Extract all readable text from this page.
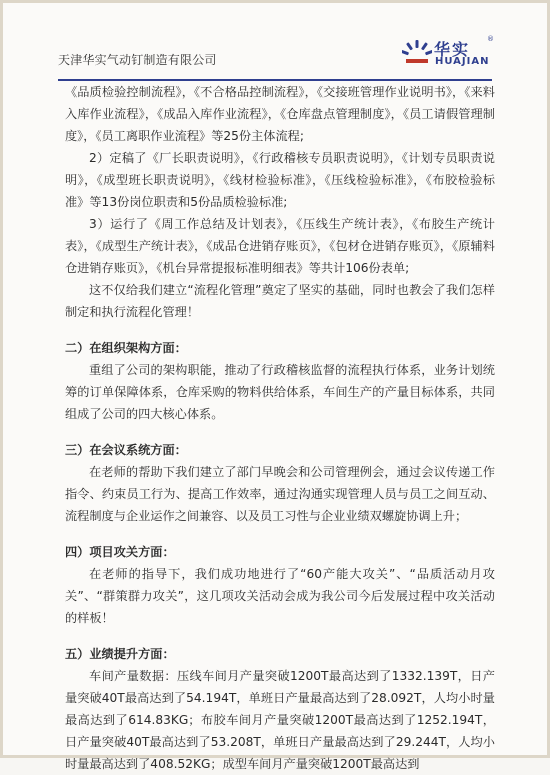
天津华实气动钉制造有限公司
华实
HUAJIAN
®

《品质检验控制流程》，《不合格品控制流程》，《交接班管理作业说明书》，《来料入库作业流程》，《成品入库作业流程》，《仓库盘点管理制度》，《员工请假管理制度》，《员工离职作业流程》等25份主体流程;

2）定稿了《厂长职责说明》，《行政稽核专员职责说明》，《计划专员职责说明》，《成型班长职责说明》，《线材检验标准》，《压线检验标准》，《布胶检验标准》等13份岗位职责和5份品质检验标准;

3）运行了《周工作总结及计划表》，《压线生产统计表》，《布胶生产统计表》，《成型生产统计表》，《成品仓进销存账页》，《包材仓进销存账页》，《原辅料仓进销存账页》，《机台异常提报标准明细表》等共计106份表单;

这不仅给我们建立“流程化管理”奠定了坚实的基础，同时也教会了我们怎样制定和执行流程化管理！

二）在组织架构方面：

重组了公司的架构职能，推动了行政稽核监督的流程执行体系，业务计划统筹的订单保障体系，仓库采购的物料供给体系，车间生产的产量目标体系，共同组成了公司的四大核心体系。

三）在会议系统方面：

在老师的帮助下我们建立了部门早晚会和公司管理例会，通过会议传递工作指令、约束员工行为、提高工作效率，通过沟通实现管理人员与员工之间互动、流程制度与企业运作之间兼容、以及员工习性与企业业绩双螺旋协调上升；

四）项目攻关方面：

在老师的指导下，我们成功地进行了“60产能大攻关”、“品质活动月攻关”、“群策群力攻关”，这几项攻关活动会成为我公司今后发展过程中攻关活动的样板！

五）业绩提升方面：

车间产量数据：压线车间月产量突破1200T最高达到了1332.139T，日产量突破40T最高达到了54.194T，单班日产量最高达到了28.092T，人均小时量最高达到了614.83KG；布胶车间月产量突破1200T最高达到了1252.194T，日产量突破40T最高达到了53.208T，单班日产量最高达到了29.244T，人均小时量最高达到了408.52KG；成型车间月产量突破1200T最高达到
